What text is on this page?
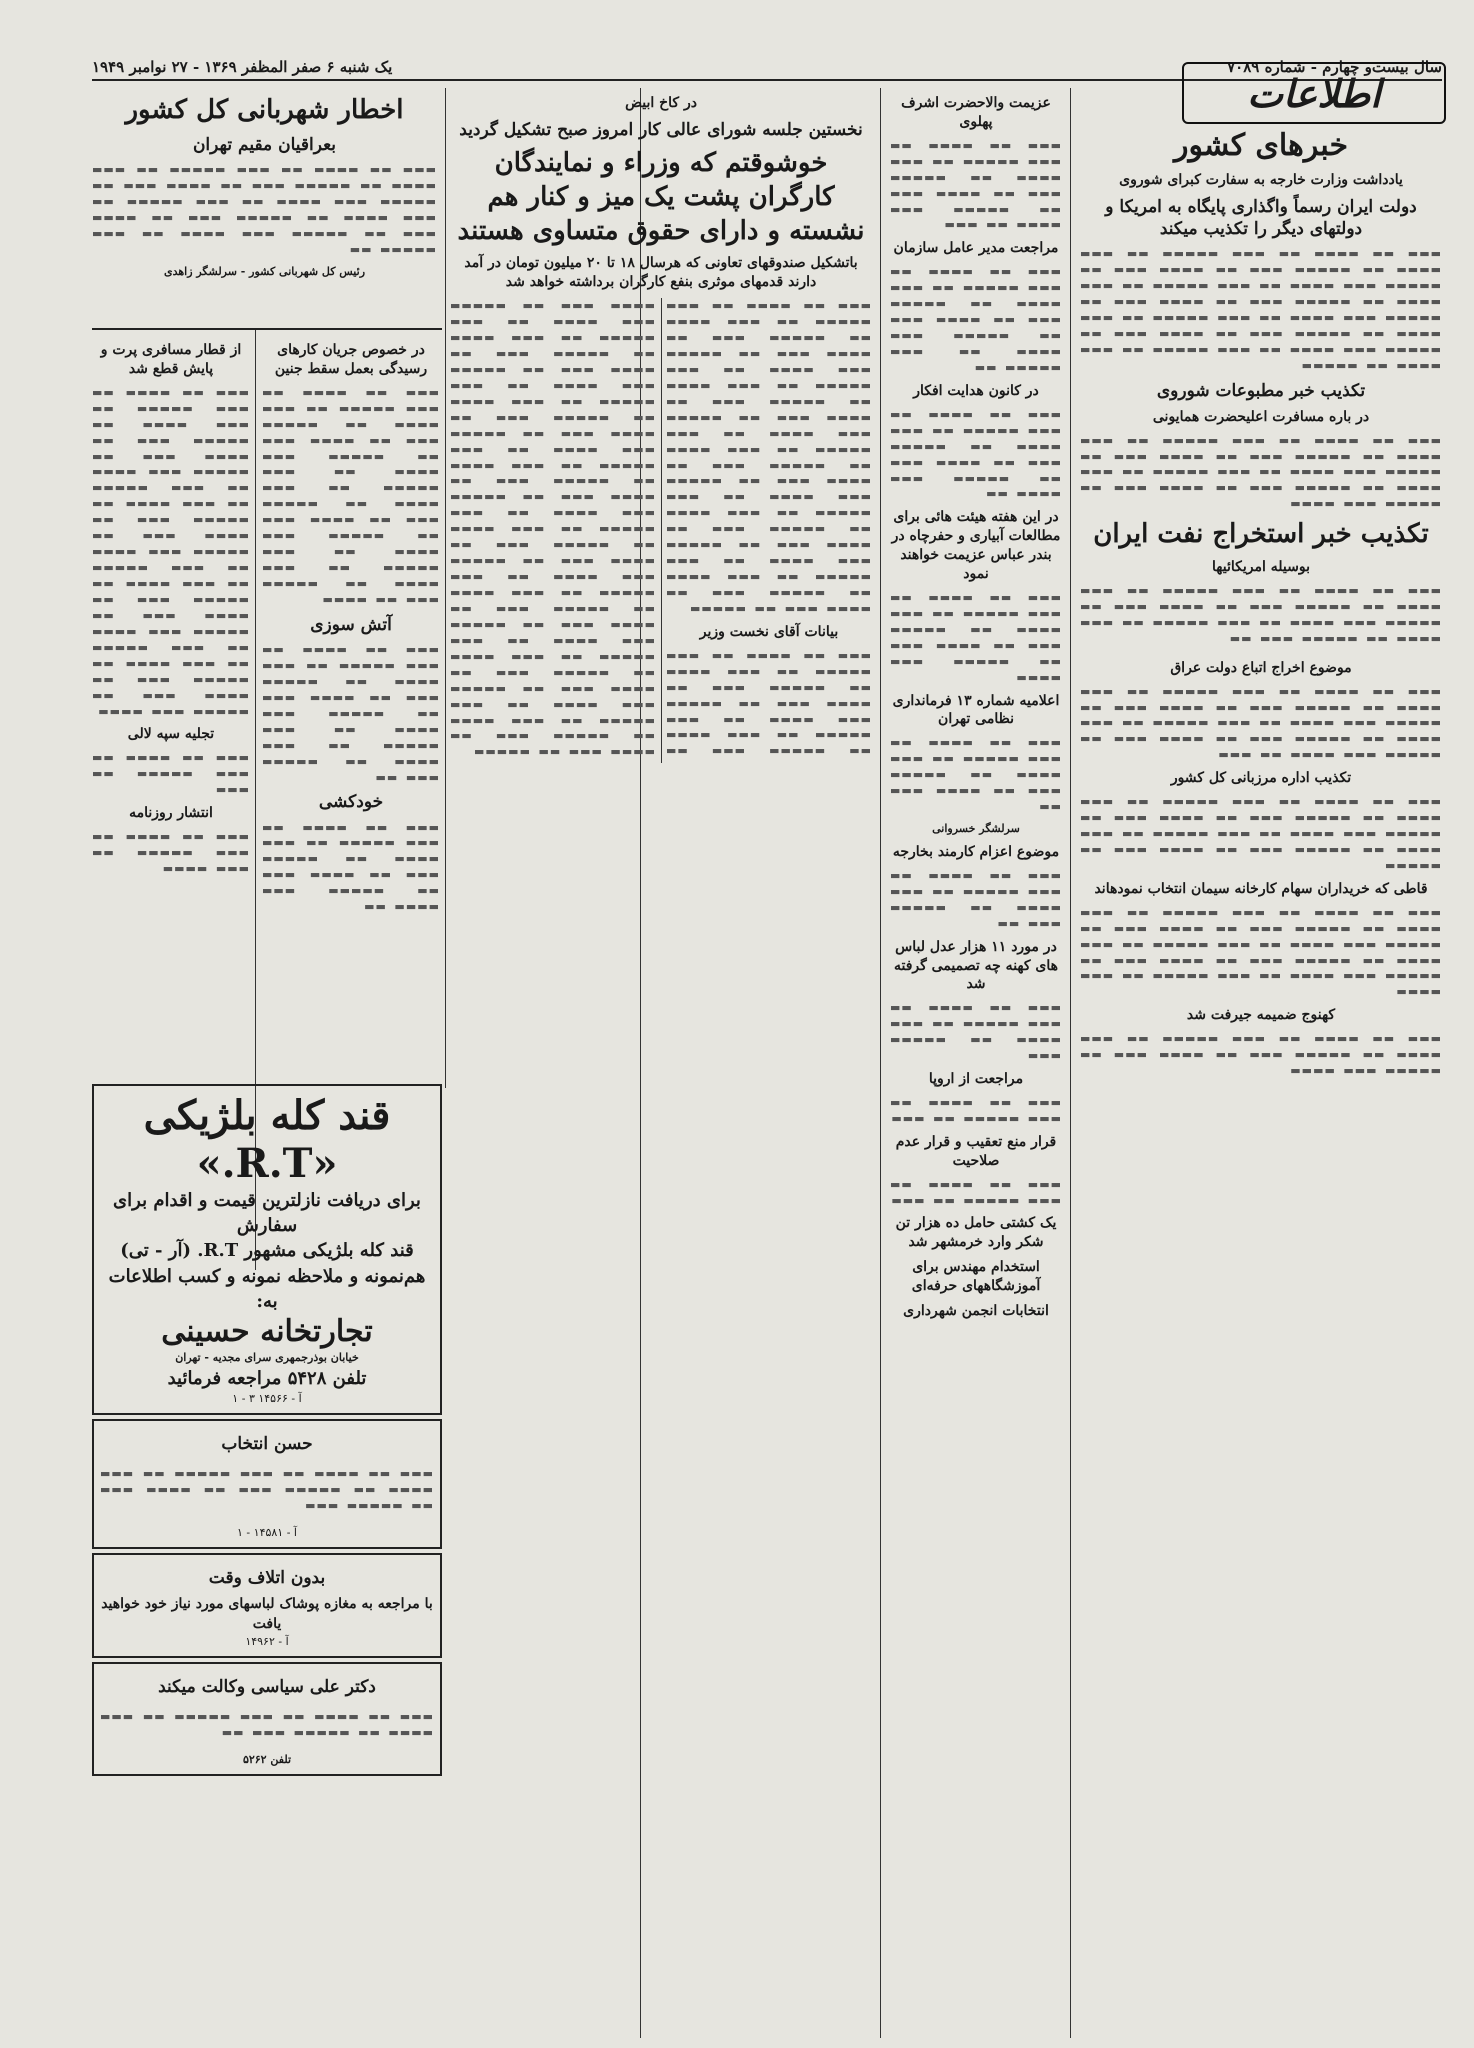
سال بیست‌و چهارم - شماره ۷۰۸۹
یک شنبه ۶ صفر المظفر ۱۳۶۹ - ۲۷ نوامبر ۱۹۴۹
اطلاعات
خبرهای کشور
یادداشت وزارت خارجه به سفارت کبرای شوروی
دولت ایران رسماً واگذاری پایگاه به امریکا و دولتهای دیگر را تکذیب میکند

▬▬▬ ▬▬ ▬▬▬▬ ▬▬ ▬▬▬ ▬▬▬▬▬ ▬▬ ▬▬▬ ▬▬▬▬ ▬▬ ▬▬▬▬▬ ▬▬▬ ▬▬ ▬▬▬▬ ▬▬▬ ▬▬ ▬▬▬▬▬ ▬▬▬ ▬▬▬▬ ▬▬ ▬▬▬ ▬▬▬▬▬ ▬▬ ▬▬▬ ▬▬▬▬ ▬▬ ▬▬▬▬▬ ▬▬▬ ▬▬ ▬▬▬▬ ▬▬▬ ▬▬ ▬▬▬▬▬ ▬▬▬ ▬▬▬▬ ▬▬ ▬▬▬ ▬▬▬▬▬ ▬▬ ▬▬▬ ▬▬▬▬ ▬▬ ▬▬▬▬▬ ▬▬▬ ▬▬ ▬▬▬▬ ▬▬▬ ▬▬ ▬▬▬▬▬ ▬▬▬ ▬▬▬▬ ▬▬ ▬▬▬ ▬▬▬▬▬ ▬▬ ▬▬▬ ▬▬▬▬ ▬▬ ▬▬▬▬▬

تکذیب خبر مطبوعات شوروی
در باره مسافرت اعلیحضرت همایونی

▬▬▬ ▬▬ ▬▬▬▬ ▬▬ ▬▬▬ ▬▬▬▬▬ ▬▬ ▬▬▬ ▬▬▬▬ ▬▬ ▬▬▬▬▬ ▬▬▬ ▬▬ ▬▬▬▬ ▬▬▬ ▬▬ ▬▬▬▬▬ ▬▬▬ ▬▬▬▬ ▬▬ ▬▬▬ ▬▬▬▬▬ ▬▬ ▬▬▬ ▬▬▬▬ ▬▬ ▬▬▬▬▬ ▬▬▬ ▬▬ ▬▬▬▬ ▬▬▬ ▬▬ ▬▬▬▬▬ ▬▬▬ ▬▬▬▬

تکذیب خبر استخراج نفت ایران
بوسیله امریکائیها

▬▬▬ ▬▬ ▬▬▬▬ ▬▬ ▬▬▬ ▬▬▬▬▬ ▬▬ ▬▬▬ ▬▬▬▬ ▬▬ ▬▬▬▬▬ ▬▬▬ ▬▬ ▬▬▬▬ ▬▬▬ ▬▬ ▬▬▬▬▬ ▬▬▬ ▬▬▬▬ ▬▬ ▬▬▬ ▬▬▬▬▬ ▬▬ ▬▬▬ ▬▬▬▬ ▬▬ ▬▬▬▬▬ ▬▬▬ ▬▬

موضوع اخراج اتباع دولت عراق

▬▬▬ ▬▬ ▬▬▬▬ ▬▬ ▬▬▬ ▬▬▬▬▬ ▬▬ ▬▬▬ ▬▬▬▬ ▬▬ ▬▬▬▬▬ ▬▬▬ ▬▬ ▬▬▬▬ ▬▬▬ ▬▬ ▬▬▬▬▬ ▬▬▬ ▬▬▬▬ ▬▬ ▬▬▬ ▬▬▬▬▬ ▬▬ ▬▬▬ ▬▬▬▬ ▬▬ ▬▬▬▬▬ ▬▬▬ ▬▬ ▬▬▬▬ ▬▬▬ ▬▬ ▬▬▬▬▬ ▬▬▬ ▬▬▬▬ ▬▬ ▬▬▬

تکذیب اداره مرزبانی کل کشور

▬▬▬ ▬▬ ▬▬▬▬ ▬▬ ▬▬▬ ▬▬▬▬▬ ▬▬ ▬▬▬ ▬▬▬▬ ▬▬ ▬▬▬▬▬ ▬▬▬ ▬▬ ▬▬▬▬ ▬▬▬ ▬▬ ▬▬▬▬▬ ▬▬▬ ▬▬▬▬ ▬▬ ▬▬▬ ▬▬▬▬▬ ▬▬ ▬▬▬ ▬▬▬▬ ▬▬ ▬▬▬▬▬ ▬▬▬ ▬▬ ▬▬▬▬ ▬▬▬ ▬▬ ▬▬▬▬▬

قاطی که خریداران سهام کارخانه سیمان انتخاب نمودهاند

▬▬▬ ▬▬ ▬▬▬▬ ▬▬ ▬▬▬ ▬▬▬▬▬ ▬▬ ▬▬▬ ▬▬▬▬ ▬▬ ▬▬▬▬▬ ▬▬▬ ▬▬ ▬▬▬▬ ▬▬▬ ▬▬ ▬▬▬▬▬ ▬▬▬ ▬▬▬▬ ▬▬ ▬▬▬ ▬▬▬▬▬ ▬▬ ▬▬▬ ▬▬▬▬ ▬▬ ▬▬▬▬▬ ▬▬▬ ▬▬ ▬▬▬▬ ▬▬▬ ▬▬ ▬▬▬▬▬ ▬▬▬ ▬▬▬▬ ▬▬ ▬▬▬ ▬▬▬▬▬ ▬▬ ▬▬▬ ▬▬▬▬

کهنوج ضمیمه جیرفت شد

▬▬▬ ▬▬ ▬▬▬▬ ▬▬ ▬▬▬ ▬▬▬▬▬ ▬▬ ▬▬▬ ▬▬▬▬ ▬▬ ▬▬▬▬▬ ▬▬▬ ▬▬ ▬▬▬▬ ▬▬▬ ▬▬ ▬▬▬▬▬ ▬▬▬ ▬▬▬▬

عزیمت والاحضرت اشرف پهلوی

▬▬▬ ▬▬ ▬▬▬▬ ▬▬ ▬▬▬ ▬▬▬▬▬ ▬▬ ▬▬▬ ▬▬▬▬ ▬▬ ▬▬▬▬▬ ▬▬▬ ▬▬ ▬▬▬▬ ▬▬▬ ▬▬ ▬▬▬▬▬ ▬▬▬ ▬▬▬▬ ▬▬ ▬▬▬

مراجعت مدیر عامل سازمان

▬▬▬ ▬▬ ▬▬▬▬ ▬▬ ▬▬▬ ▬▬▬▬▬ ▬▬ ▬▬▬ ▬▬▬▬ ▬▬ ▬▬▬▬▬ ▬▬▬ ▬▬ ▬▬▬▬ ▬▬▬ ▬▬ ▬▬▬▬▬ ▬▬▬ ▬▬▬▬ ▬▬ ▬▬▬ ▬▬▬▬▬ ▬▬

در کانون هدایت افکار

▬▬▬ ▬▬ ▬▬▬▬ ▬▬ ▬▬▬ ▬▬▬▬▬ ▬▬ ▬▬▬ ▬▬▬▬ ▬▬ ▬▬▬▬▬ ▬▬▬ ▬▬ ▬▬▬▬ ▬▬▬ ▬▬ ▬▬▬▬▬ ▬▬▬ ▬▬▬▬ ▬▬

در این هفته هیئت هائی برای مطالعات آبیاری و حفرچاه در بندر عباس عزیمت خواهند نمود

▬▬▬ ▬▬ ▬▬▬▬ ▬▬ ▬▬▬ ▬▬▬▬▬ ▬▬ ▬▬▬ ▬▬▬▬ ▬▬ ▬▬▬▬▬ ▬▬▬ ▬▬ ▬▬▬▬ ▬▬▬ ▬▬ ▬▬▬▬▬ ▬▬▬ ▬▬▬▬

اعلامیه شماره ۱۳ فرمانداری نظامی تهران

▬▬▬ ▬▬ ▬▬▬▬ ▬▬ ▬▬▬ ▬▬▬▬▬ ▬▬ ▬▬▬ ▬▬▬▬ ▬▬ ▬▬▬▬▬ ▬▬▬ ▬▬ ▬▬▬▬ ▬▬▬ ▬▬

سرلشگر خسروانی
موضوع اعزام کارمند بخارجه

▬▬▬ ▬▬ ▬▬▬▬ ▬▬ ▬▬▬ ▬▬▬▬▬ ▬▬ ▬▬▬ ▬▬▬▬ ▬▬ ▬▬▬▬▬ ▬▬▬ ▬▬

در مورد ۱۱ هزار عدل لباس های کهنه چه تصمیمی گرفته شد

▬▬▬ ▬▬ ▬▬▬▬ ▬▬ ▬▬▬ ▬▬▬▬▬ ▬▬ ▬▬▬ ▬▬▬▬ ▬▬ ▬▬▬▬▬ ▬▬▬

مراجعت از اروپا

▬▬▬ ▬▬ ▬▬▬▬ ▬▬ ▬▬▬ ▬▬▬▬▬ ▬▬ ▬▬▬

قرار منع تعقیب و قرار عدم صلاحیت

▬▬▬ ▬▬ ▬▬▬▬ ▬▬ ▬▬▬ ▬▬▬▬▬ ▬▬ ▬▬▬

یک کشتی حامل ده هزار تن شکر وارد خرمشهر شد
استخدام مهندس برای آموزشگاههای حرفه‌ای
انتخابات انجمن شهرداری
در کاخ ابیض
نخستین جلسه شورای عالی کار امروز صبح تشکیل گردید
خوشوقتم که وزراء و نمایندگان کارگران پشت یک میز و کنار هم نشسته و دارای حقوق متساوی هستند
باتشکیل صندوقهای تعاونی که هرسال ۱۸ تا ۲۰ میلیون تومان در آمد دارند قدمهای موثری بنفع کارگران برداشته خواهد شد

▬▬▬ ▬▬ ▬▬▬▬ ▬▬ ▬▬▬ ▬▬▬▬▬ ▬▬ ▬▬▬ ▬▬▬▬ ▬▬ ▬▬▬▬▬ ▬▬▬ ▬▬ ▬▬▬▬ ▬▬▬ ▬▬ ▬▬▬▬▬ ▬▬▬ ▬▬▬▬ ▬▬ ▬▬▬ ▬▬▬▬▬ ▬▬ ▬▬▬ ▬▬▬▬ ▬▬ ▬▬▬▬▬ ▬▬▬ ▬▬ ▬▬▬▬ ▬▬▬ ▬▬ ▬▬▬▬▬ ▬▬▬ ▬▬▬▬ ▬▬ ▬▬▬ ▬▬▬▬▬ ▬▬ ▬▬▬ ▬▬▬▬ ▬▬ ▬▬▬▬▬ ▬▬▬ ▬▬ ▬▬▬▬ ▬▬▬ ▬▬ ▬▬▬▬▬ ▬▬▬ ▬▬▬▬ ▬▬ ▬▬▬ ▬▬▬▬▬ ▬▬ ▬▬▬ ▬▬▬▬ ▬▬ ▬▬▬▬▬ ▬▬▬ ▬▬ ▬▬▬▬ ▬▬▬ ▬▬ ▬▬▬▬▬ ▬▬▬ ▬▬▬▬ ▬▬ ▬▬▬ ▬▬▬▬▬ ▬▬ ▬▬▬ ▬▬▬▬ ▬▬ ▬▬▬▬▬ ▬▬▬ ▬▬ ▬▬▬▬ ▬▬▬ ▬▬ ▬▬▬▬▬

بیانات آقای نخست وزیر

▬▬▬ ▬▬ ▬▬▬▬ ▬▬ ▬▬▬ ▬▬▬▬▬ ▬▬ ▬▬▬ ▬▬▬▬ ▬▬ ▬▬▬▬▬ ▬▬▬ ▬▬ ▬▬▬▬ ▬▬▬ ▬▬ ▬▬▬▬▬ ▬▬▬ ▬▬▬▬ ▬▬ ▬▬▬ ▬▬▬▬▬ ▬▬ ▬▬▬ ▬▬▬▬ ▬▬ ▬▬▬▬▬ ▬▬▬ ▬▬ ▬▬▬▬ ▬▬▬ ▬▬ ▬▬▬▬▬ ▬▬▬ ▬▬▬▬ ▬▬ ▬▬▬ ▬▬▬▬▬ ▬▬ ▬▬▬ ▬▬▬▬ ▬▬ ▬▬▬▬▬ ▬▬▬ ▬▬ ▬▬▬▬ ▬▬▬ ▬▬ ▬▬▬▬▬ ▬▬▬ ▬▬▬▬ ▬▬ ▬▬▬ ▬▬▬▬▬ ▬▬ ▬▬▬ ▬▬▬▬ ▬▬ ▬▬▬▬▬ ▬▬▬ ▬▬ ▬▬▬▬ ▬▬▬ ▬▬ ▬▬▬▬▬ ▬▬▬ ▬▬▬▬ ▬▬ ▬▬▬ ▬▬▬▬▬ ▬▬ ▬▬▬ ▬▬▬▬ ▬▬ ▬▬▬▬▬ ▬▬▬ ▬▬ ▬▬▬▬ ▬▬▬ ▬▬ ▬▬▬▬▬ ▬▬▬ ▬▬▬▬ ▬▬ ▬▬▬ ▬▬▬▬▬ ▬▬ ▬▬▬ ▬▬▬▬ ▬▬ ▬▬▬▬▬ ▬▬▬ ▬▬ ▬▬▬▬ ▬▬▬ ▬▬ ▬▬▬▬▬ ▬▬▬ ▬▬▬▬ ▬▬ ▬▬▬ ▬▬▬▬▬ ▬▬ ▬▬▬ ▬▬▬▬ ▬▬ ▬▬▬▬▬ ▬▬▬ ▬▬ ▬▬▬▬ ▬▬▬ ▬▬ ▬▬▬▬▬ ▬▬▬ ▬▬▬▬ ▬▬ ▬▬▬ ▬▬▬▬▬ ▬▬ ▬▬▬ ▬▬▬▬ ▬▬ ▬▬▬▬▬ ▬▬▬ ▬▬ ▬▬▬▬ ▬▬▬ ▬▬ ▬▬▬▬▬ ▬▬▬ ▬▬▬▬ ▬▬ ▬▬▬ ▬▬▬▬▬ ▬▬ ▬▬▬ ▬▬▬▬ ▬▬ ▬▬▬▬▬ ▬▬▬ ▬▬ ▬▬▬▬ ▬▬▬ ▬▬ ▬▬▬▬▬

اخطار شهربانی کل کشور
بعراقیان مقیم تهران

▬▬▬ ▬▬ ▬▬▬▬ ▬▬ ▬▬▬ ▬▬▬▬▬ ▬▬ ▬▬▬ ▬▬▬▬ ▬▬ ▬▬▬▬▬ ▬▬▬ ▬▬ ▬▬▬▬ ▬▬▬ ▬▬ ▬▬▬▬▬ ▬▬▬ ▬▬▬▬ ▬▬ ▬▬▬ ▬▬▬▬▬ ▬▬ ▬▬▬ ▬▬▬▬ ▬▬ ▬▬▬▬▬ ▬▬▬ ▬▬ ▬▬▬▬ ▬▬▬ ▬▬ ▬▬▬▬▬ ▬▬▬ ▬▬▬▬ ▬▬ ▬▬▬ ▬▬▬▬▬ ▬▬

رئیس کل شهربانی کشور - سرلشگر زاهدی
در خصوص جریان کارهای رسیدگی بعمل سقط جنین

▬▬▬ ▬▬ ▬▬▬▬ ▬▬ ▬▬▬ ▬▬▬▬▬ ▬▬ ▬▬▬ ▬▬▬▬ ▬▬ ▬▬▬▬▬ ▬▬▬ ▬▬ ▬▬▬▬ ▬▬▬ ▬▬ ▬▬▬▬▬ ▬▬▬ ▬▬▬▬ ▬▬ ▬▬▬ ▬▬▬▬▬ ▬▬ ▬▬▬ ▬▬▬▬ ▬▬ ▬▬▬▬▬ ▬▬▬ ▬▬ ▬▬▬▬ ▬▬▬ ▬▬ ▬▬▬▬▬ ▬▬▬ ▬▬▬▬ ▬▬ ▬▬▬ ▬▬▬▬▬ ▬▬ ▬▬▬ ▬▬▬▬ ▬▬ ▬▬▬▬▬ ▬▬▬ ▬▬ ▬▬▬▬

آتش سوزی

▬▬▬ ▬▬ ▬▬▬▬ ▬▬ ▬▬▬ ▬▬▬▬▬ ▬▬ ▬▬▬ ▬▬▬▬ ▬▬ ▬▬▬▬▬ ▬▬▬ ▬▬ ▬▬▬▬ ▬▬▬ ▬▬ ▬▬▬▬▬ ▬▬▬ ▬▬▬▬ ▬▬ ▬▬▬ ▬▬▬▬▬ ▬▬ ▬▬▬ ▬▬▬▬ ▬▬ ▬▬▬▬▬ ▬▬▬ ▬▬

خودکشی

▬▬▬ ▬▬ ▬▬▬▬ ▬▬ ▬▬▬ ▬▬▬▬▬ ▬▬ ▬▬▬ ▬▬▬▬ ▬▬ ▬▬▬▬▬ ▬▬▬ ▬▬ ▬▬▬▬ ▬▬▬ ▬▬ ▬▬▬▬▬ ▬▬▬ ▬▬▬▬ ▬▬

از قطار مسافری پرت و پایش قطع شد

▬▬▬ ▬▬ ▬▬▬▬ ▬▬ ▬▬▬ ▬▬▬▬▬ ▬▬ ▬▬▬ ▬▬▬▬ ▬▬ ▬▬▬▬▬ ▬▬▬ ▬▬ ▬▬▬▬ ▬▬▬ ▬▬ ▬▬▬▬▬ ▬▬▬ ▬▬▬▬ ▬▬ ▬▬▬ ▬▬▬▬▬ ▬▬ ▬▬▬ ▬▬▬▬ ▬▬ ▬▬▬▬▬ ▬▬▬ ▬▬ ▬▬▬▬ ▬▬▬ ▬▬ ▬▬▬▬▬ ▬▬▬ ▬▬▬▬ ▬▬ ▬▬▬ ▬▬▬▬▬ ▬▬ ▬▬▬ ▬▬▬▬ ▬▬ ▬▬▬▬▬ ▬▬▬ ▬▬ ▬▬▬▬ ▬▬▬ ▬▬ ▬▬▬▬▬ ▬▬▬ ▬▬▬▬ ▬▬ ▬▬▬ ▬▬▬▬▬ ▬▬ ▬▬▬ ▬▬▬▬ ▬▬ ▬▬▬▬▬ ▬▬▬ ▬▬ ▬▬▬▬ ▬▬▬ ▬▬ ▬▬▬▬▬ ▬▬▬ ▬▬▬▬

تجلیه سپه لالی

▬▬▬ ▬▬ ▬▬▬▬ ▬▬ ▬▬▬ ▬▬▬▬▬ ▬▬ ▬▬▬

انتشار روزنامه

▬▬▬ ▬▬ ▬▬▬▬ ▬▬ ▬▬▬ ▬▬▬▬▬ ▬▬ ▬▬▬ ▬▬▬▬

قند کله بلژیکی «R.T.»
برای دریافت نازلترین قیمت و اقدام برای سفارش
قند کله بلژیکی مشهور R.T. (آر - تی)
هم‌نمونه و ملاحظه نمونه و کسب اطلاعات به:
تجارتخانه حسینی
خیابان بوذرجمهری سرای مجدیه - تهران
تلفن ۵۴۲۸ مراجعه فرمائید
آ - ۱۴۵۶۶ ۳ - ۱
حسن انتخاب

▬▬▬ ▬▬ ▬▬▬▬ ▬▬ ▬▬▬ ▬▬▬▬▬ ▬▬ ▬▬▬ ▬▬▬▬ ▬▬ ▬▬▬▬▬ ▬▬▬ ▬▬ ▬▬▬▬ ▬▬▬ ▬▬ ▬▬▬▬▬ ▬▬▬

آ - ۱۴۵۸۱ - ۱
بدون اتلاف وقت
با مراجعه به مغازه پوشاک لباسهای مورد نیاز خود خواهید یافت
آ - ۱۴۹۶۲
دکتر علی سیاسی وکالت میکند

▬▬▬ ▬▬ ▬▬▬▬ ▬▬ ▬▬▬ ▬▬▬▬▬ ▬▬ ▬▬▬ ▬▬▬▬ ▬▬ ▬▬▬▬▬ ▬▬▬ ▬▬

تلفن ۵۲۶۲
